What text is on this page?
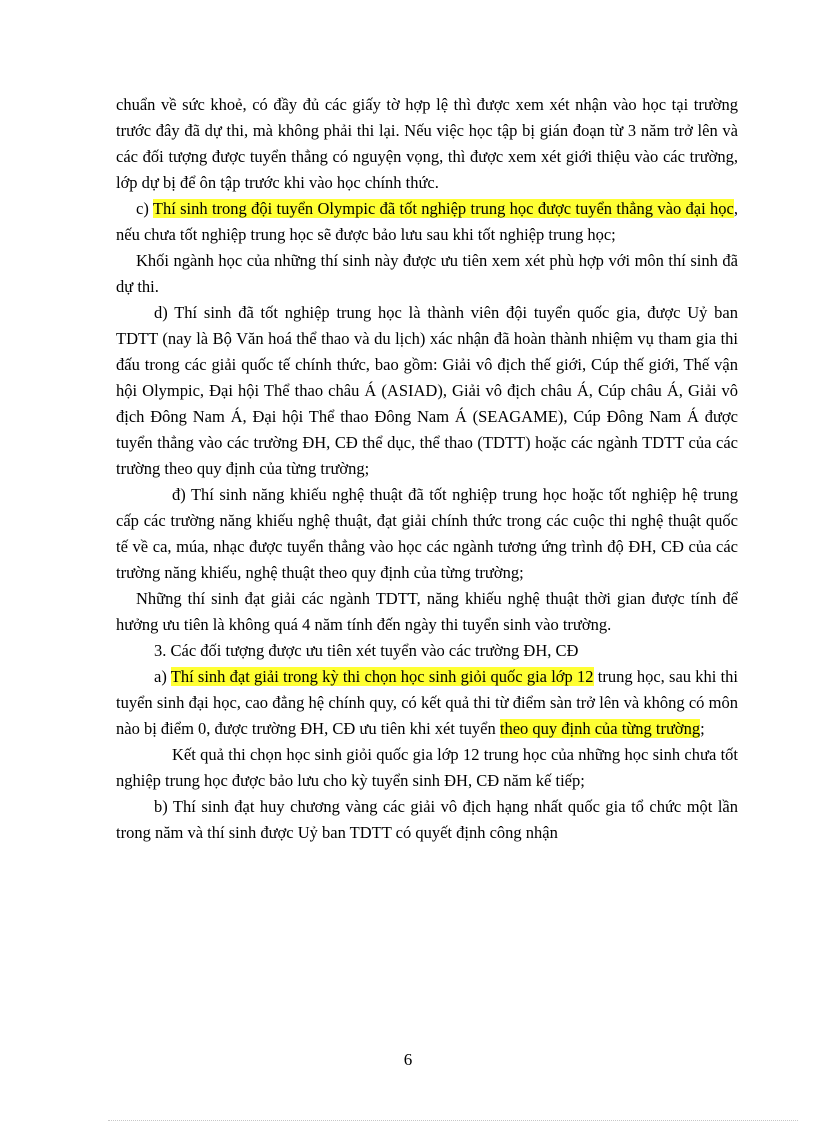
chuẩn về sức khoẻ, có đầy đủ các giấy tờ hợp lệ thì được xem xét nhận vào học tại trường trước đây đã dự thi, mà không phải thi lại. Nếu việc học tập bị gián đoạn từ 3 năm trở lên và các đối tượng được tuyển thẳng có nguyện vọng, thì được xem xét giới thiệu vào các trường, lớp dự bị để ôn tập trước khi vào học chính thức.

c) Thí sinh trong đội tuyển Olympic đã tốt nghiệp trung học được tuyển thẳng vào đại học, nếu chưa tốt nghiệp trung học sẽ được bảo lưu sau khi tốt nghiệp trung học;

Khối ngành học của những thí sinh này được ưu tiên xem xét phù hợp với môn thí sinh đã dự thi.

d) Thí sinh đã tốt nghiệp trung học là thành viên đội tuyển quốc gia, được Uỷ ban TDTT (nay là Bộ Văn hoá thể thao và du lịch) xác nhận đã hoàn thành nhiệm vụ tham gia thi đấu trong các giải quốc tế chính thức, bao gồm: Giải vô địch thế giới, Cúp thế giới, Thế vận hội Olympic, Đại hội Thể thao châu Á (ASIAD), Giải vô địch châu Á, Cúp châu Á, Giải vô địch Đông Nam Á, Đại hội Thể thao Đông Nam Á (SEAGAME), Cúp Đông Nam Á được tuyển thẳng vào các trường ĐH, CĐ thể dục, thể thao (TDTT) hoặc các ngành TDTT của các trường theo quy định của từng trường;

đ) Thí sinh năng khiếu nghệ thuật đã tốt nghiệp trung học hoặc tốt nghiệp hệ trung cấp các trường năng khiếu nghệ thuật, đạt giải chính thức trong các cuộc thi nghệ thuật quốc tế về ca, múa, nhạc được tuyển thẳng vào học các ngành tương ứng trình độ ĐH, CĐ của các trường năng khiếu, nghệ thuật theo quy định của từng trường;

Những thí sinh đạt giải các ngành TDTT, năng khiếu nghệ thuật thời gian được tính để hưởng ưu tiên là không quá 4 năm tính đến ngày thi tuyển sinh vào trường.

3. Các đối tượng được ưu tiên xét tuyển vào các trường ĐH, CĐ

a) Thí sinh đạt giải trong kỳ thi chọn học sinh giỏi quốc gia lớp 12 trung học, sau khi thi tuyển sinh đại học, cao đẳng hệ chính quy, có kết quả thi từ điểm sàn trở lên và không có môn nào bị điểm 0, được trường ĐH, CĐ ưu tiên khi xét tuyển theo quy định của từng trường;

Kết quả thi chọn học sinh giỏi quốc gia lớp 12 trung học của những học sinh chưa tốt nghiệp trung học được bảo lưu cho kỳ tuyển sinh ĐH, CĐ năm kế tiếp;

b) Thí sinh đạt huy chương vàng các giải vô địch hạng nhất quốc gia tổ chức một lần trong năm và thí sinh được Uỷ ban TDTT có quyết định công nhận

6
